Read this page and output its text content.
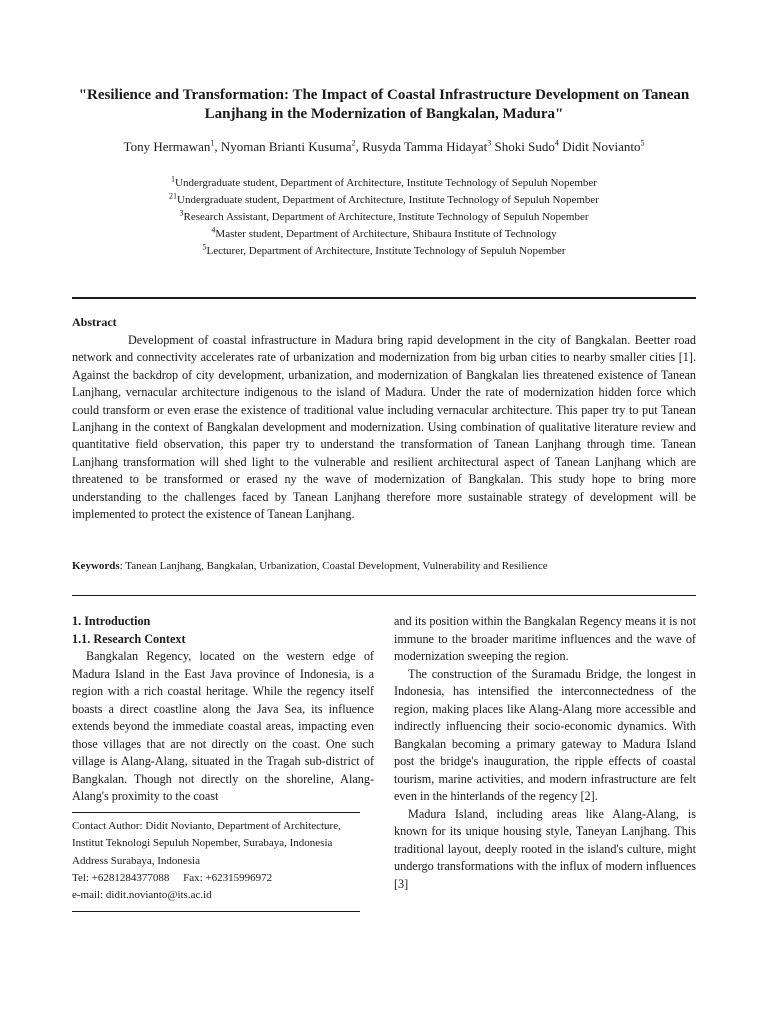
"Resilience and Transformation: The Impact of Coastal Infrastructure Development on Tanean Lanjhang in the Modernization of Bangkalan, Madura"
Tony Hermawan$^1$, Nyoman Brianti Kusuma$^2$, Rusyda Tamma Hidayat$^3$ Shoki Sudo$^4$ Didit Novianto$^5$
$^1$Undergraduate student, Department of Architecture, Institute Technology of Sepuluh Nopember
$^{21}$Undergraduate student, Department of Architecture, Institute Technology of Sepuluh Nopember
$^3$Research Assistant, Department of Architecture, Institute Technology of Sepuluh Nopember
$^4$Master student, Department of Architecture, Shibaura Institute of Technology
$^5$Lecturer, Department of Architecture, Institute Technology of Sepuluh Nopember
Abstract

Development of coastal infrastructure in Madura bring rapid development in the city of Bangkalan. Beetter road network and connectivity accelerates rate of urbanization and modernization from big urban cities to nearby smaller cities [1]. Against the backdrop of city development, urbanization, and modernization of Bangkalan lies threatened existence of Tanean Lanjhang, vernacular architecture indigenous to the island of Madura. Under the rate of modernization hidden force which could transform or even erase the existence of traditional value including vernacular architecture. This paper try to put Tanean Lanjhang in the context of Bangkalan development and modernization. Using combination of qualitative literature review and quantitative field observation, this paper try to understand the transformation of Tanean Lanjhang through time. Tanean Lanjhang transformation will shed light to the vulnerable and resilient architectural aspect of Tanean Lanjhang which are threatened to be transformed or erased ny the wave of modernization of Bangkalan. This study hope to bring more understanding to the challenges faced by Tanean Lanjhang therefore more sustainable strategy of development will be implemented to protect the existence of Tanean Lanjhang.

Keywords: Tanean Lanjhang, Bangkalan, Urbanization, Coastal Development, Vulnerability and Resilience
1. Introduction
1.1. Research Context

Bangkalan Regency, located on the western edge of Madura Island in the East Java province of Indonesia, is a region with a rich coastal heritage. While the regency itself boasts a direct coastline along the Java Sea, its influence extends beyond the immediate coastal areas, impacting even those villages that are not directly on the coast. One such village is Alang-Alang, situated in the Tragah sub-district of Bangkalan. Though not directly on the shoreline, Alang-Alang's proximity to the coast

Contact Author: Didit Novianto, Department of Architecture,
Institut Teknologi Sepuluh Nopember, Surabaya, Indonesia
Address Surabaya, Indonesia
Tel: +6281284377088     Fax: +62315996972
e-mail: didit.novianto@its.ac.id

and its position within the Bangkalan Regency means it is not immune to the broader maritime influences and the wave of modernization sweeping the region.

The construction of the Suramadu Bridge, the longest in Indonesia, has intensified the interconnectedness of the region, making places like Alang-Alang more accessible and indirectly influencing their socio-economic dynamics. With Bangkalan becoming a primary gateway to Madura Island post the bridge's inauguration, the ripple effects of coastal tourism, marine activities, and modern infrastructure are felt even in the hinterlands of the regency [2].

Madura Island, including areas like Alang-Alang, is known for its unique housing style, Taneyan Lanjhang. This traditional layout, deeply rooted in the island's culture, might undergo transformations with the influx of modern influences [3]
